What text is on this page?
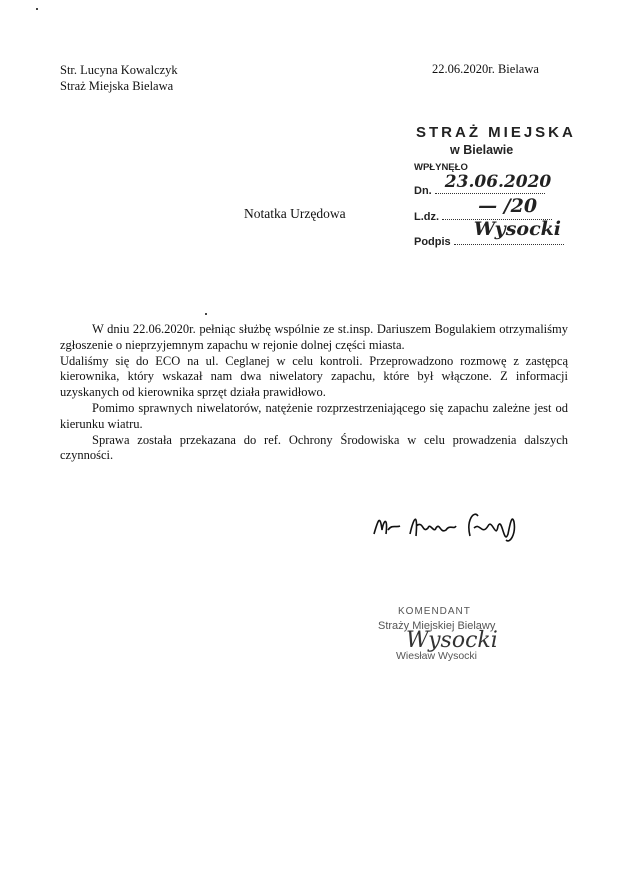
Str. Lucyna Kowalczyk
Straż Miejska Bielawa
22.06.2020r. Bielawa
STRAŻ MIEJSKA
w Bielawie
WPŁYNĘŁO
Dn. 23.06.2020
L.dz. — /20
Podpis
Wysocki
Notatka Urzędowa

W dniu 22.06.2020r. pełniąc służbę wspólnie ze st.insp. Dariuszem Bogulakiem otrzymaliśmy zgłoszenie o nieprzyjemnym zapachu w rejonie dolnej części miasta.

Udaliśmy się do ECO na ul. Ceglanej w celu kontroli. Przeprowadzono rozmowę z zastępcą kierownika, który wskazał nam dwa niwelatory zapachu, które był włączone. Z informacji uzyskanych od kierownika sprzęt działa prawidłowo.

Pomimo sprawnych niwelatorów, natężenie rozprzestrzeniającego się zapachu zależne jest od kierunku wiatru.

Sprawa została przekazana do ref. Ochrony Środowiska w celu prowadzenia dalszych czynności.

KOMENDANT
Straży Miejskiej Bielawy
Wysocki
Wiesław Wysocki
